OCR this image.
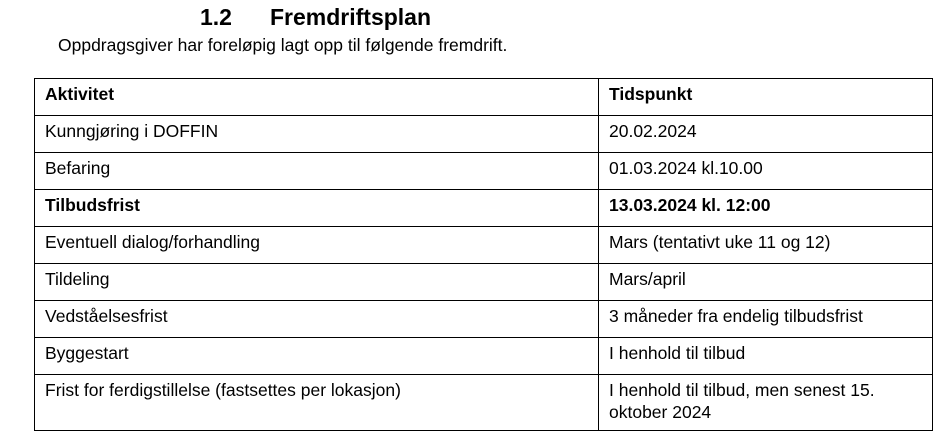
1.2 Fremdriftsplan
Oppdragsgiver har foreløpig lagt opp til følgende fremdrift.
Aktivitet	Tidspunkt
Kunngjøring i DOFFIN	20.02.2024
Befaring	01.03.2024 kl.10.00
Tilbudsfrist	13.03.2024 kl. 12:00
Eventuell dialog/forhandling	Mars (tentativt uke 11 og 12)
Tildeling	Mars/april
Vedståelsesfrist	3 måneder fra endelig tilbudsfrist
Byggestart	I henhold til tilbud
Frist for ferdigstillelse (fastsettes per lokasjon)	I henhold til tilbud, men senest 15. oktober 2024
